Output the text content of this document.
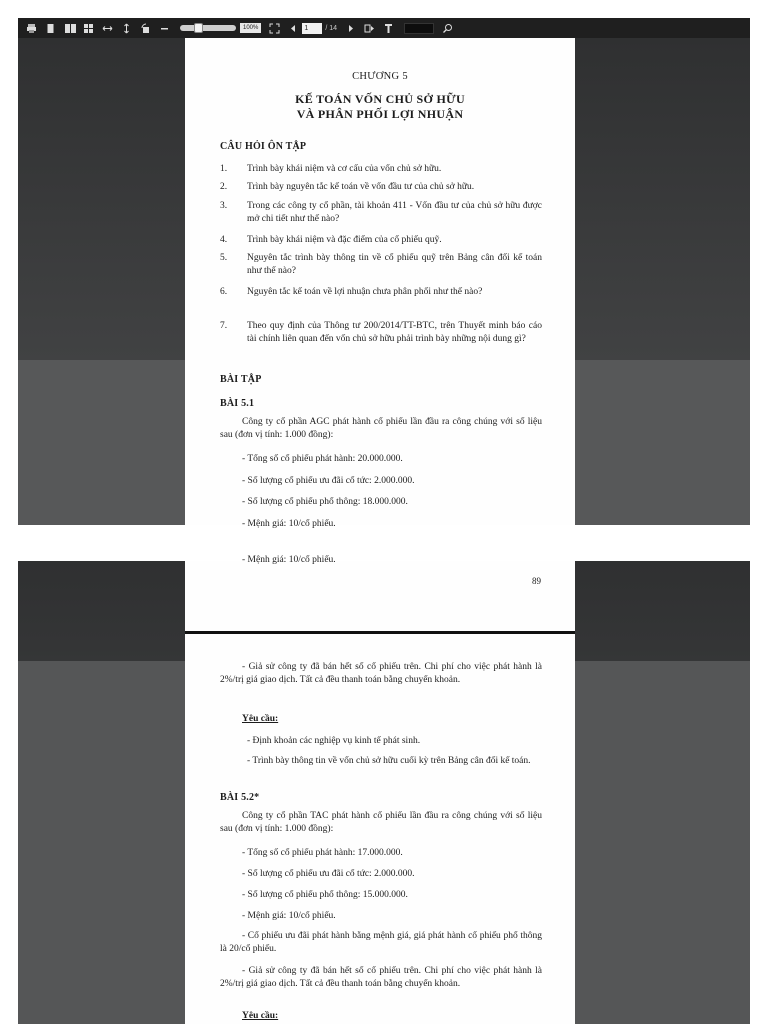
100%
1	/ 14
CHƯƠNG 5
KẾ TOÁN VỐN CHỦ SỞ HỮU
VÀ PHÂN PHỐI LỢI NHUẬN
CÂU HỎI ÔN TẬP
1. Trình bày khái niệm và cơ cấu của vốn chủ sở hữu.
2. Trình bày nguyên tắc kế toán về vốn đầu tư của chủ sở hữu.
3. Trong các công ty cổ phần, tài khoản 411 - Vốn đầu tư của chủ sở hữu được mở chi tiết như thế nào?
4. Trình bày khái niệm và đặc điểm của cổ phiếu quỹ.
5. Nguyên tắc trình bày thông tin về cổ phiếu quỹ trên Bảng cân đối kế toán như thế nào?
6. Nguyên tắc kế toán về lợi nhuận chưa phân phối như thế nào?
7. Theo quy định của Thông tư 200/2014/TT-BTC, trên Thuyết minh báo cáo tài chính liên quan đến vốn chủ sở hữu phải trình bày những nội dung gì?
BÀI TẬP
BÀI 5.1
Công ty cổ phần AGC phát hành cổ phiếu lần đầu ra công chúng với số liệu sau (đơn vị tính: 1.000 đồng):
- Tổng số cổ phiếu phát hành: 20.000.000.
- Số lượng cổ phiếu ưu đãi cổ tức: 2.000.000.
- Số lượng cổ phiếu phổ thông: 18.000.000.
- Mệnh giá: 10/cổ phiếu.
- Mệnh giá: 10/cổ phiếu.
89
- Giả sử công ty đã bán hết số cổ phiếu trên. Chi phí cho việc phát hành là 2%/trị giá giao dịch. Tất cả đều thanh toán bằng chuyển khoản.
Yêu cầu:
- Định khoản các nghiệp vụ kinh tế phát sinh.
- Trình bày thông tin về vốn chủ sở hữu cuối kỳ trên Bảng cân đối kế toán.
BÀI 5.2*
Công ty cổ phần TAC phát hành cổ phiếu lần đầu ra công chúng với số liệu sau (đơn vị tính: 1.000 đồng):
- Tổng số cổ phiếu phát hành: 17.000.000.
- Số lượng cổ phiếu ưu đãi cổ tức: 2.000.000.
- Số lượng cổ phiếu phổ thông: 15.000.000.
- Mệnh giá: 10/cổ phiếu.
- Cổ phiếu ưu đãi phát hành bằng mệnh giá, giá phát hành cổ phiếu phổ thông là 20/cổ phiếu.
- Giả sử công ty đã bán hết số cổ phiếu trên. Chi phí cho việc phát hành là 2%/trị giá giao dịch. Tất cả đều thanh toán bằng chuyển khoản.
Yêu cầu:
